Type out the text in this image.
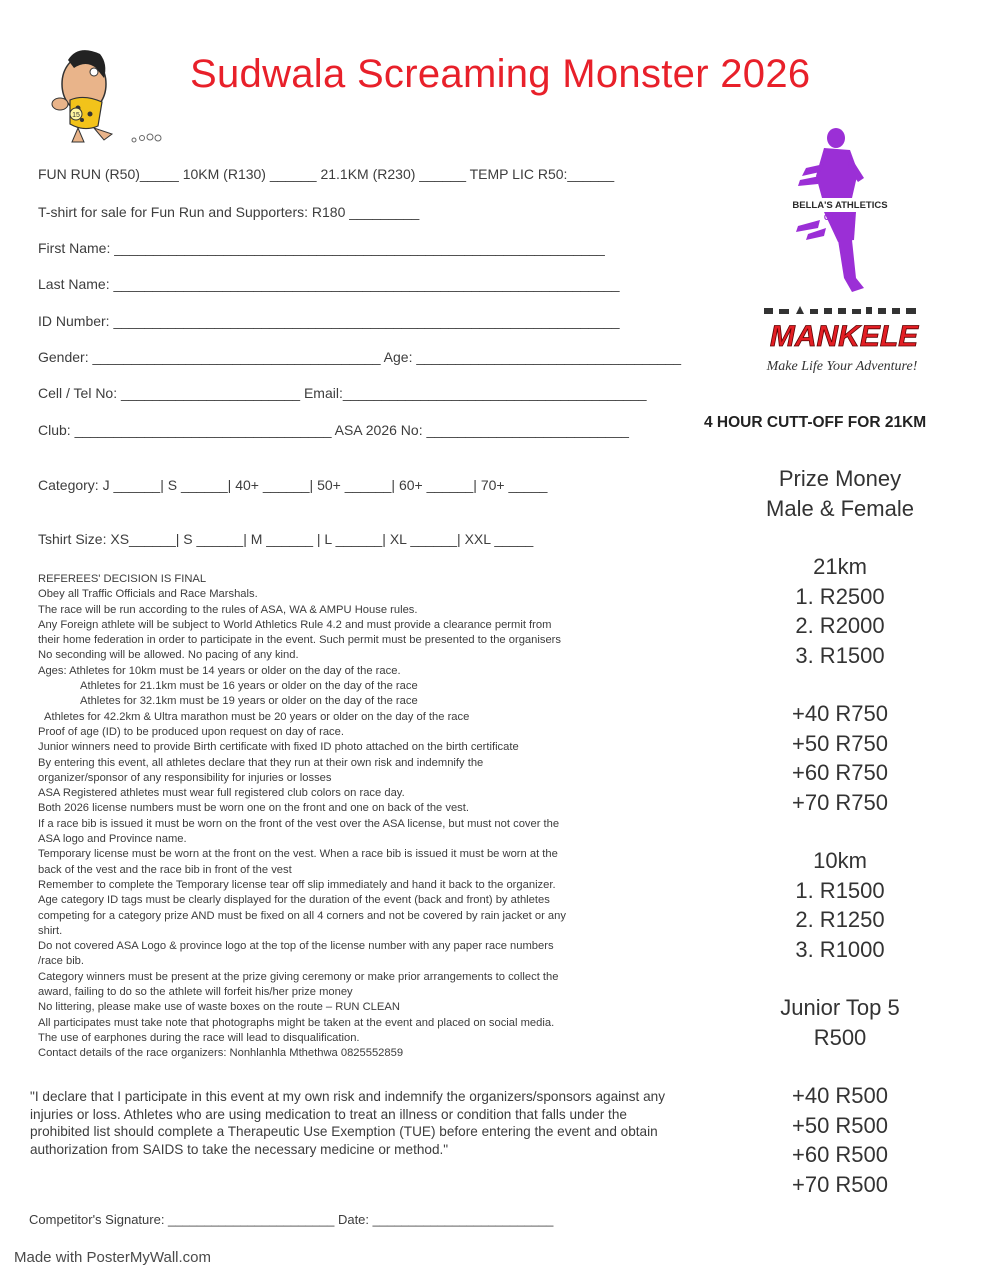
15
Sudwala Screaming Monster 2026
FUN RUN (R50)_____ 10KM (R130) ______ 21.1KM (R230) ______ TEMP LIC R50:______
T-shirt for sale for Fun Run and Supporters: R180 _________
First Name: _______________________________________________________________
Last Name: _________________________________________________________________
ID Number: _________________________________________________________________
Gender: _____________________________________ Age: __________________________________
Cell / Tel No: _______________________ Email:_______________________________________
Club: _________________________________ ASA 2026 No: __________________________
Category: J ______| S ______| 40+ ______| 50+ ______| 60+ ______| 70+ _____
Tshirt Size: XS______| S ______| M ______ | L ______| XL ______| XXL _____
REFEREES' DECISION IS FINAL
Obey all Traffic Officials and Race Marshals.
The race will be run according to the rules of ASA, WA & AMPU House rules.
Any Foreign athlete will be subject to World Athletics Rule 4.2 and must provide a clearance permit from
their home federation in order to participate in the event. Such permit must be presented to the organisers
No seconding will be allowed. No pacing of any kind.
Ages: Athletes for 10km must be 14 years or older on the day of the race.
Athletes for 21.1km must be 16 years or older on the day of the race
Athletes for 32.1km must be 19 years or older on the day of the race
Athletes for 42.2km & Ultra marathon must be 20 years or older on the day of the race
Proof of age (ID) to be produced upon request on day of race.
Junior winners need to provide Birth certificate with fixed ID photo attached on the birth certificate
By entering this event, all athletes declare that they run at their own risk and indemnify the
organizer/sponsor of any responsibility for injuries or losses
ASA Registered athletes must wear full registered club colors on race day.
Both 2026 license numbers must be worn one on the front and one on back of the vest.
If a race bib is issued it must be worn on the front of the vest over the ASA license, but must not cover the
ASA logo and Province name.
Temporary license must be worn at the front on the vest. When a race bib is issued it must be worn at the
back of the vest and the race bib in front of the vest
Remember to complete the Temporary license tear off slip immediately and hand it back to the organizer.
Age category ID tags must be clearly displayed for the duration of the event (back and front) by athletes
competing for a category prize AND must be fixed on all 4 corners and not be covered by rain jacket or any
shirt.
Do not covered ASA Logo & province logo at the top of the license number with any paper race numbers
/race bib.
Category winners must be present at the prize giving ceremony or make prior arrangements to collect the
award, failing to do so the athlete will forfeit his/her prize money
No littering, please make use of waste boxes on the route – RUN CLEAN
All participates must take note that photographs might be taken at the event and placed on social media.
The use of earphones during the race will lead to disqualification.
Contact details of the race organizers: Nonhlanhla Mthethwa 0825552859
"I declare that I participate in this event at my own risk and indemnify the organizers/sponsors against any injuries or loss. Athletes who are using medication to treat an illness or condition that falls under the prohibited list should complete a Therapeutic Use Exemption (TUE) before entering the event and obtain authorization from SAIDS to take the necessary medicine or method."
Competitor's Signature: _______________________ Date: _________________________
Made with PosterMyWall.com
BELLA'S ATHLETICS
CLUB
MANKELE
Make Life Your Adventure!
4 HOUR CUTT-OFF FOR 21KM
Prize Money
Male & Female
21km
1. R2500
2. R2000
3. R1500
+40 R750
+50 R750
+60 R750
+70 R750
10km
1. R1500
2. R1250
3. R1000
Junior Top 5
R500
+40 R500
+50 R500
+60 R500
+70 R500
